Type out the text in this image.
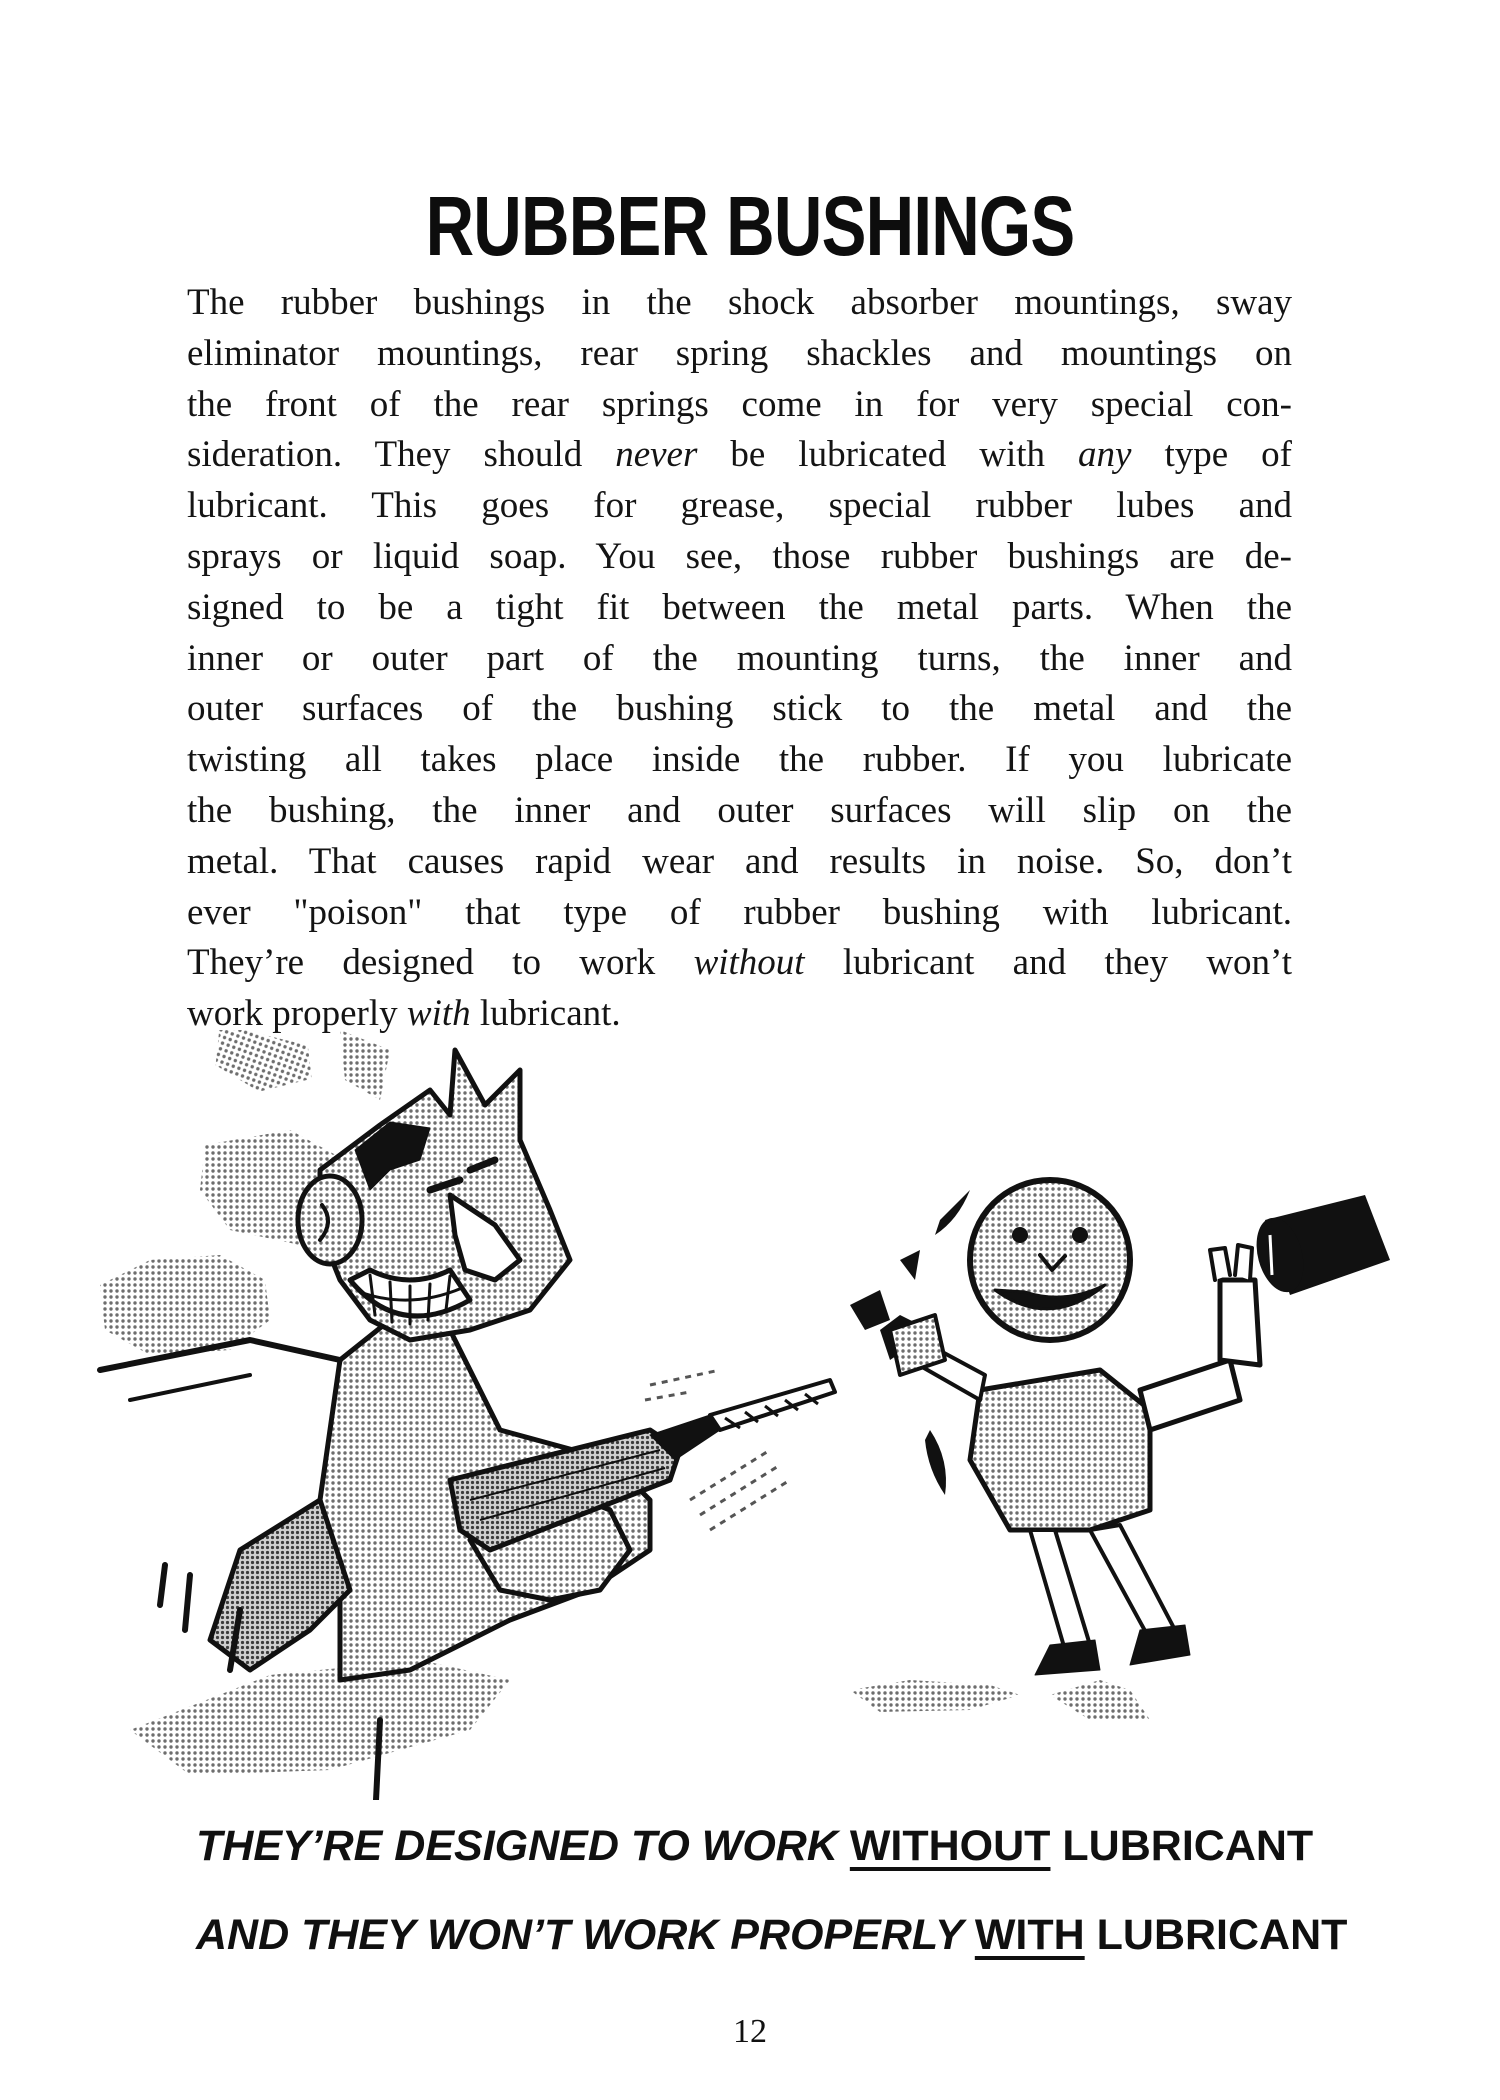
RUBBER BUSHINGS
The rubber bushings in the shock absorber mountings, sway
eliminator mountings, rear spring shackles and mountings on
the front of the rear springs come in for very special con-
sideration. They should never be lubricated with any type of
lubricant. This goes for grease, special rubber lubes and
sprays or liquid soap. You see, those rubber bushings are de-
signed to be a tight fit between the metal parts. When the
inner or outer part of the mounting turns, the inner and
outer surfaces of the bushing stick to the metal and the
twisting all takes place inside the rubber. If you lubricate
the bushing, the inner and outer surfaces will slip on the
metal. That causes rapid wear and results in noise. So, don’t
ever "poison" that type of rubber bushing with lubricant.
They’re designed to work without lubricant and they won’t
work properly with lubricant.

THEY’RE DESIGNED TO WORK WITHOUT LUBRICANT

AND THEY WON’T WORK PROPERLY WITH LUBRICANT

12
